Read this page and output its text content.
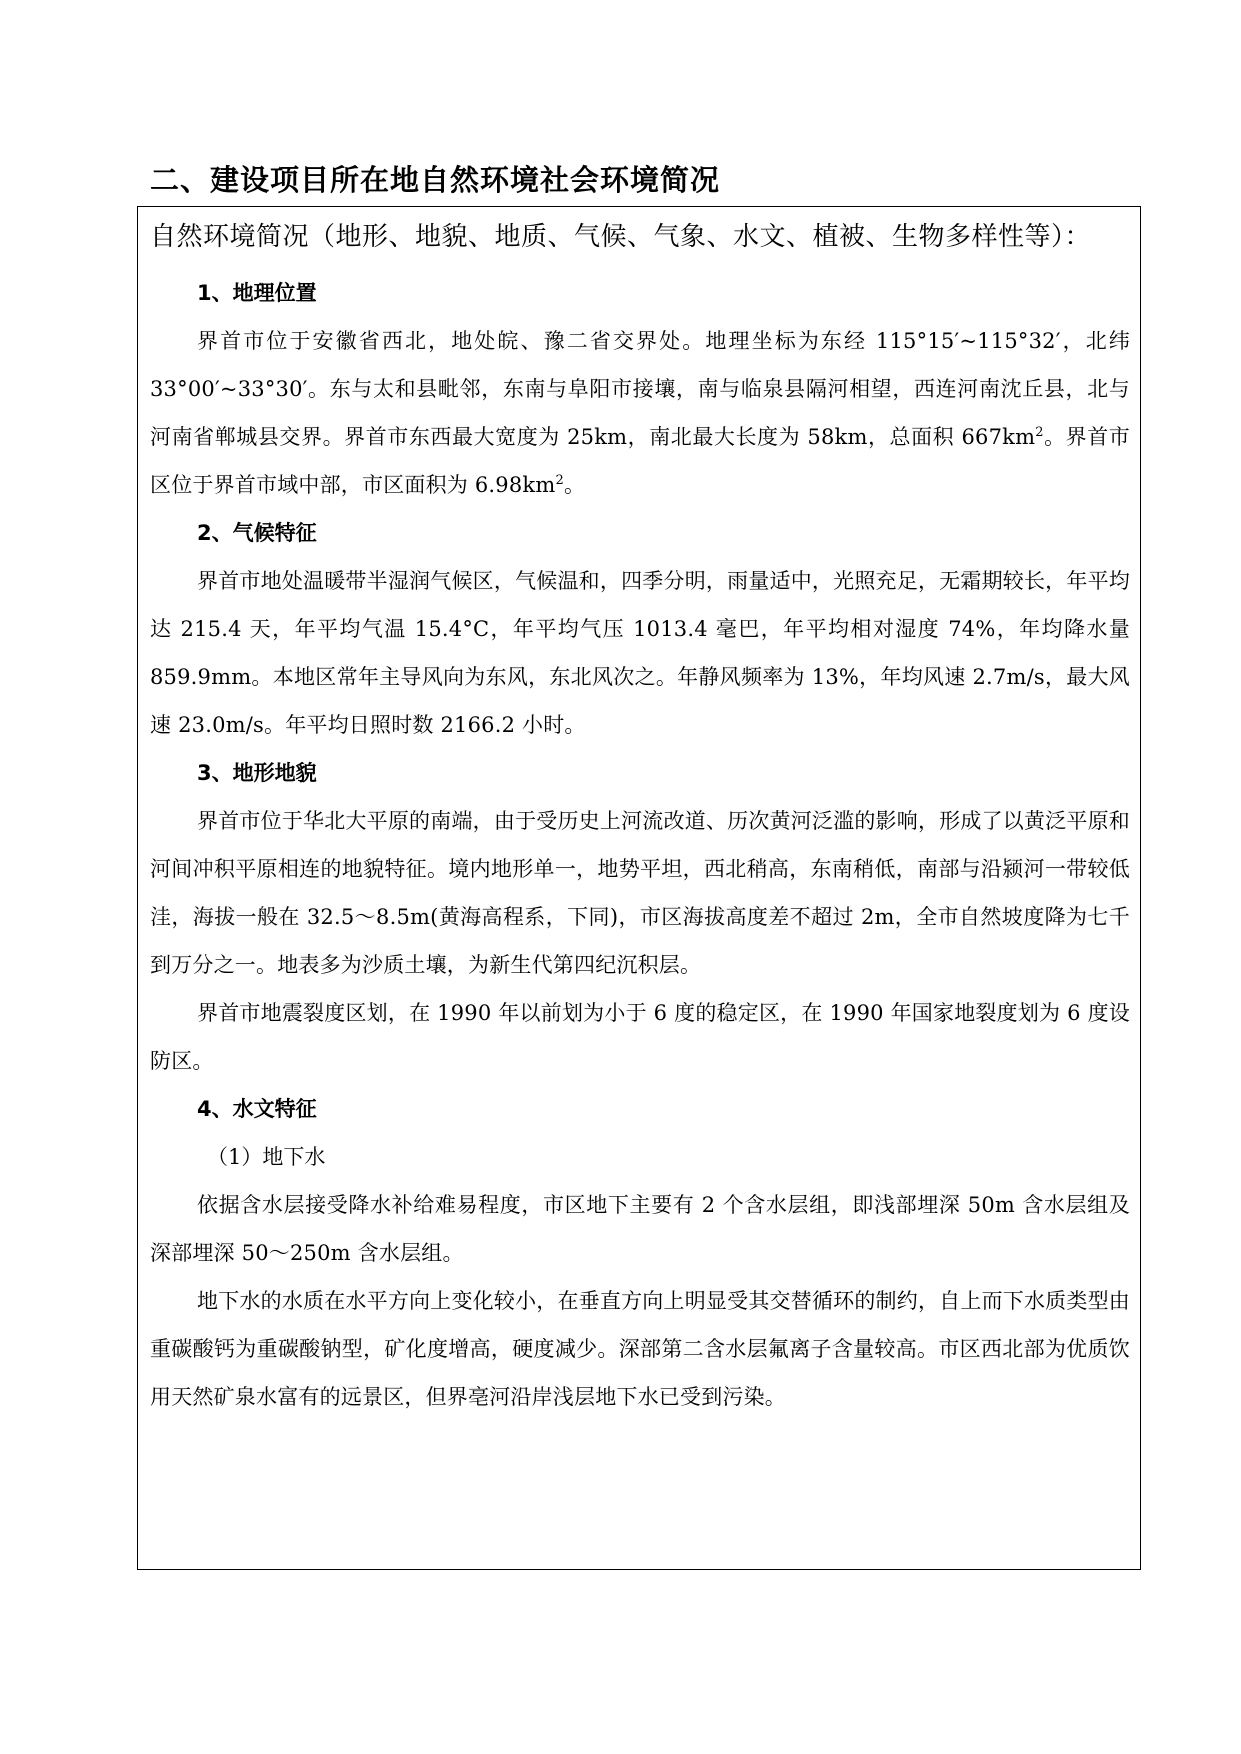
二、建设项目所在地自然环境社会环境简况

自然环境简况（地形、地貌、地质、气候、气象、水文、植被、生物多样性等）：

1、地理位置

界首市位于安徽省西北，地处皖、豫二省交界处。地理坐标为东经 115°15′~115°32′，北纬 33°00′~33°30′。东与太和县毗邻，东南与阜阳市接壤，南与临泉县隔河相望，西连河南沈丘县，北与河南省郸城县交界。界首市东西最大宽度为 25km，南北最大长度为 58km，总面积 $667km^2$。界首市区位于界首市域中部，市区面积为 $6.98km^2$。

2、气候特征

界首市地处温暖带半湿润气候区，气候温和，四季分明，雨量适中，光照充足，无霜期较长，年平均达 215.4 天，年平均气温 15.4°C，年平均气压 1013.4 毫巴，年平均相对湿度 74%，年均降水量 859.9mm。本地区常年主导风向为东风，东北风次之。年静风频率为 13%，年均风速 2.7m/s，最大风速 23.0m/s。年平均日照时数 2166.2 小时。

3、地形地貌

界首市位于华北大平原的南端，由于受历史上河流改道、历次黄河泛滥的影响，形成了以黄泛平原和河间冲积平原相连的地貌特征。境内地形单一，地势平坦，西北稍高，东南稍低，南部与沿颍河一带较低洼，海拔一般在 32.5～8.5m(黄海高程系，下同)，市区海拔高度差不超过 2m，全市自然坡度降为七千到万分之一。地表多为沙质土壤，为新生代第四纪沉积层。

界首市地震裂度区划，在 1990 年以前划为小于 6 度的稳定区，在 1990 年国家地裂度划为 6 度设防区。

4、水文特征

（1）地下水

依据含水层接受降水补给难易程度，市区地下主要有 2 个含水层组，即浅部埋深 50m 含水层组及深部埋深 50～250m 含水层组。

地下水的水质在水平方向上变化较小，在垂直方向上明显受其交替循环的制约，自上而下水质类型由重碳酸钙为重碳酸钠型，矿化度增高，硬度减少。深部第二含水层氟离子含量较高。市区西北部为优质饮用天然矿泉水富有的远景区，但界亳河沿岸浅层地下水已受到污染。
